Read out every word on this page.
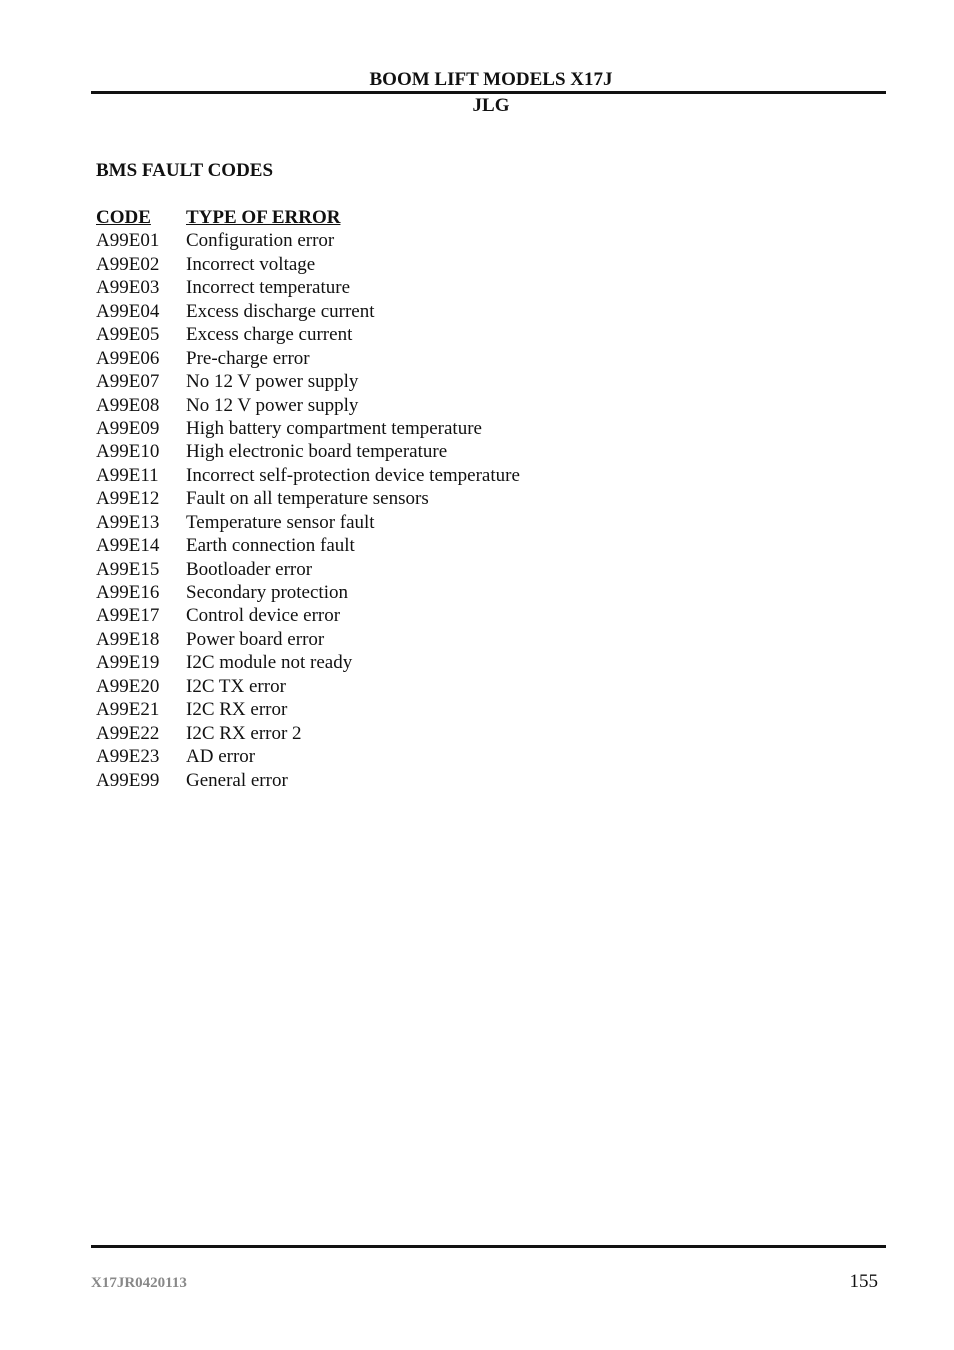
BOOM LIFT MODELS X17J
JLG
BMS FAULT CODES
CODE	TYPE OF ERROR
A99E01	Configuration error
A99E02	Incorrect voltage
A99E03	Incorrect temperature
A99E04	Excess discharge current
A99E05	Excess charge current
A99E06	Pre-charge error
A99E07	No 12 V power supply
A99E08	No 12 V power supply
A99E09	High battery compartment temperature
A99E10	High electronic board temperature
A99E11	Incorrect self-protection device temperature
A99E12	Fault on all temperature sensors
A99E13	Temperature sensor fault
A99E14	Earth connection fault
A99E15	Bootloader error
A99E16	Secondary protection
A99E17	Control device error
A99E18	Power board error
A99E19	I2C module not ready
A99E20	I2C TX error
A99E21	I2C RX error
A99E22	I2C RX error 2
A99E23	AD error
A99E99	General error
X17JR0420113	155
